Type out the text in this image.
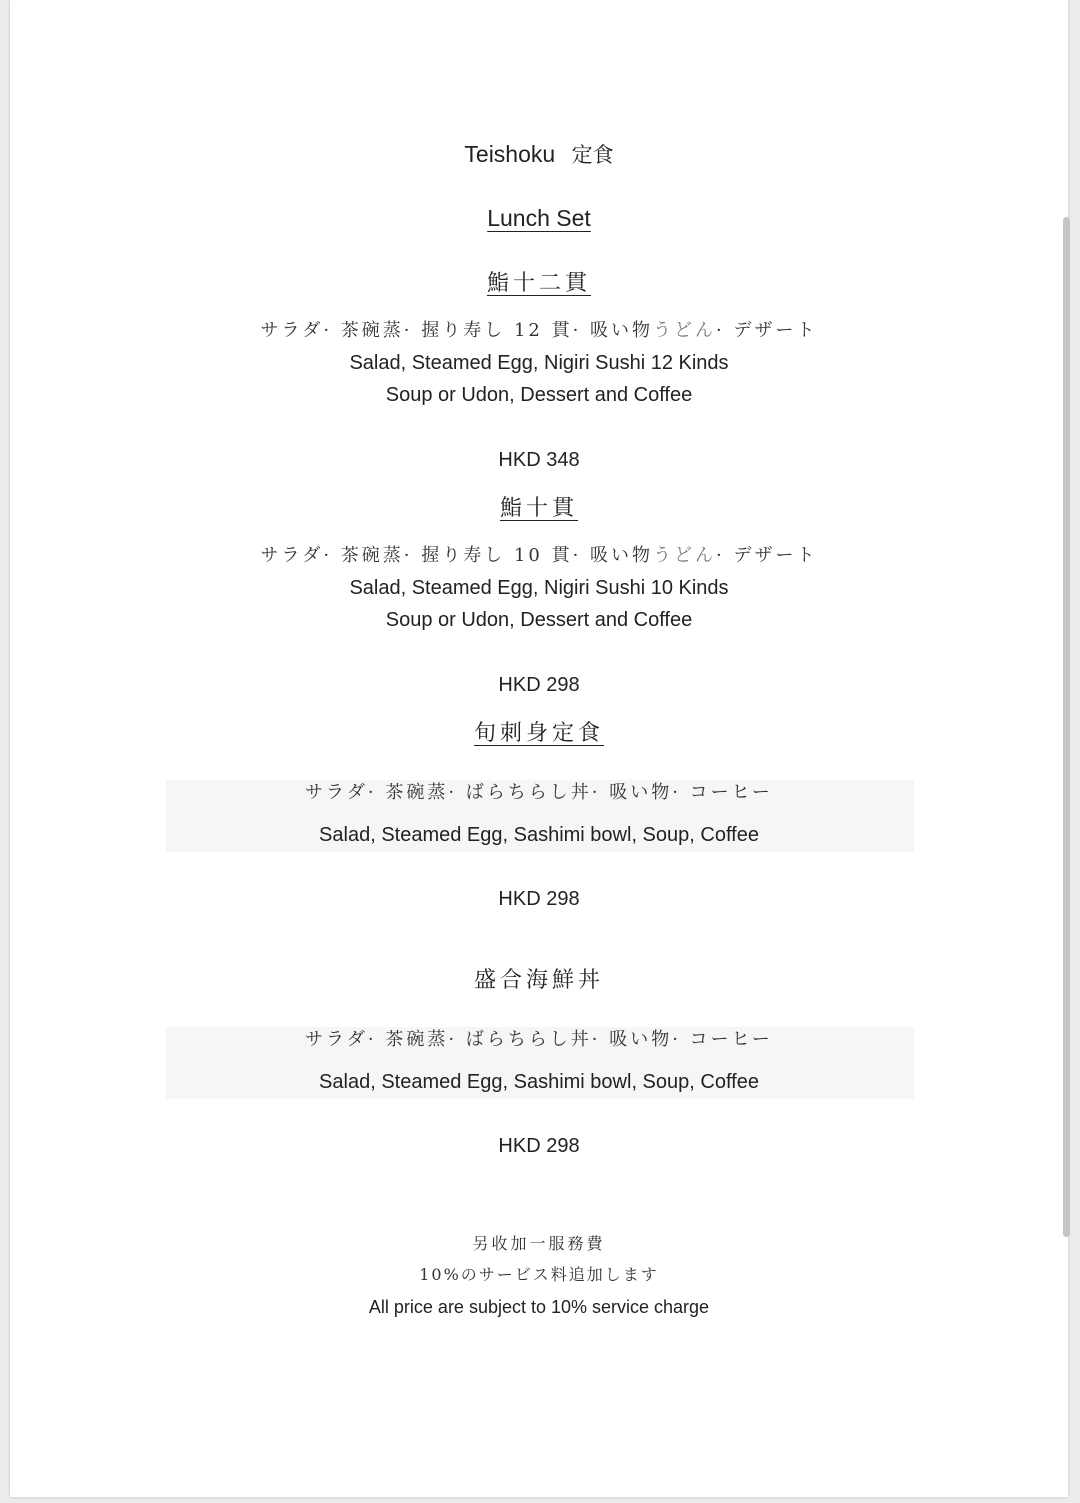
Teishoku 定食
Lunch Set
鮨十二貫
サラダ· 茶碗蒸· 握り寿し 12 貫· 吸い物うどん· デザート
Salad, Steamed Egg, Nigiri Sushi 12 Kinds
Soup or Udon, Dessert and Coffee
HKD 348
鮨十貫
サラダ· 茶碗蒸· 握り寿し 10 貫· 吸い物うどん· デザート
Salad, Steamed Egg, Nigiri Sushi 10 Kinds
Soup or Udon, Dessert and Coffee
HKD 298
旬刺身定食
サラダ· 茶碗蒸· ばらちらし丼· 吸い物· コーヒー
Salad, Steamed Egg, Sashimi bowl, Soup, Coffee
HKD 298
盛合海鮮丼
サラダ· 茶碗蒸· ばらちらし丼· 吸い物· コーヒー
Salad, Steamed Egg, Sashimi bowl, Soup, Coffee
HKD 298
另收加一服務費
10%のサービス料追加します
All price are subject to 10% service charge
